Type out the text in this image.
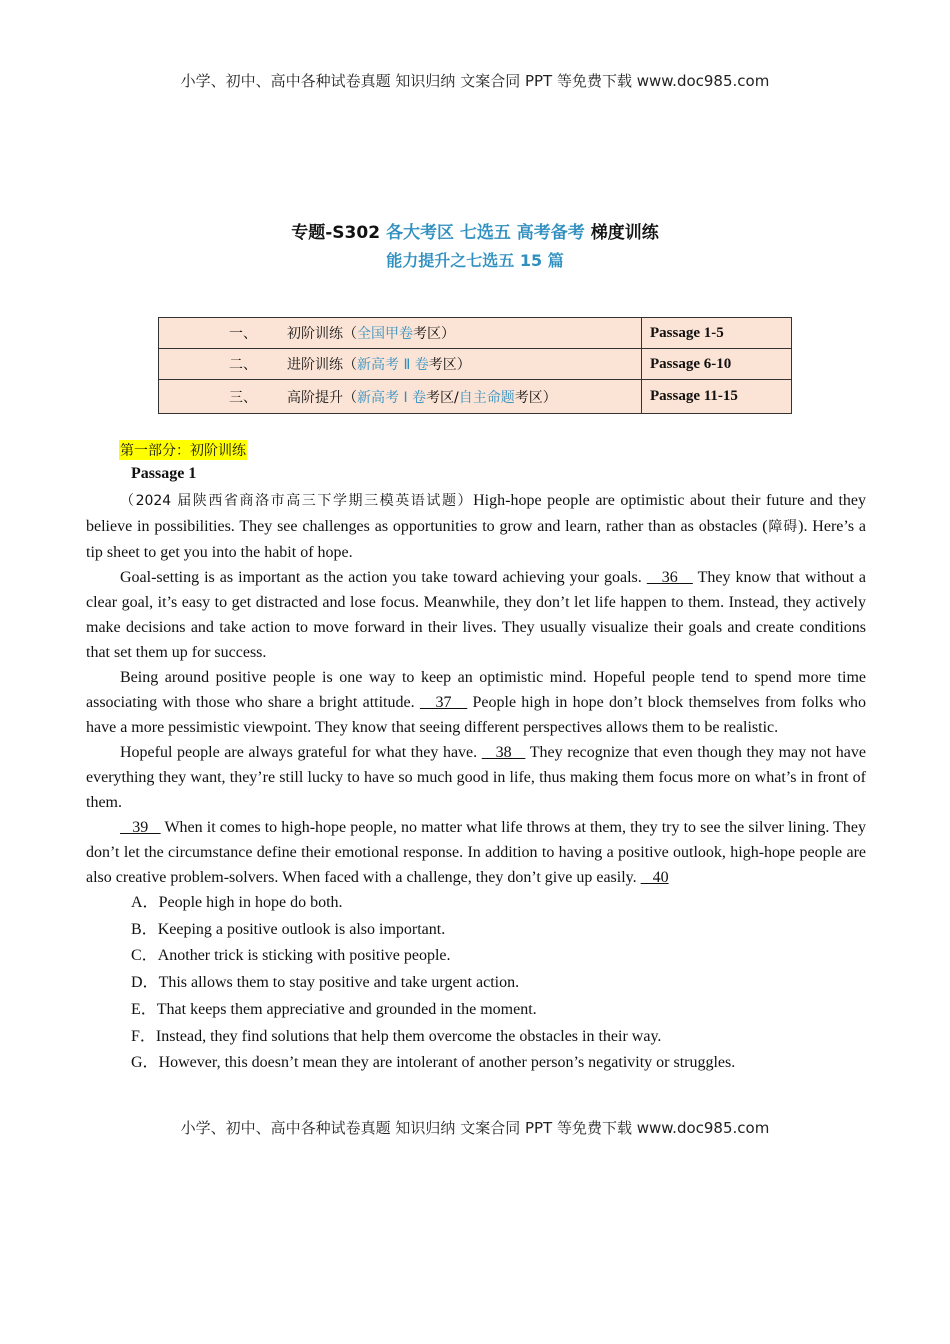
小学、初中、高中各种试卷真题 知识归纳 文案合同 PPT 等免费下载 www.doc985.com
专题-S302 各大考区 七选五 高考备考 梯度训练
能力提升之七选五 15 篇
一、 初阶训练（全国甲卷考区）	Passage 1-5
二、 进阶训练（新高考 Ⅱ 卷考区）	Passage 6-10
三、 高阶提升（新高考 Ⅰ 卷考区/自主命题考区）	Passage 11-15
第一部分：初阶训练
Passage 1

（2024 届陕西省商洛市高三下学期三模英语试题）High-hope people are optimistic about their future and they believe in possibilities. They see challenges as opportunities to grow and learn, rather than as obstacles (障碍). Here’s a tip sheet to get you into the habit of hope.

Goal-setting is as important as the action you take toward achieving your goals.    36    They know that without a clear goal, it’s easy to get distracted and lose focus. Meanwhile, they don’t let life happen to them. Instead, they actively make decisions and take action to move forward in their lives. They usually visualize their goals and create conditions that set them up for success.

Being around positive people is one way to keep an optimistic mind. Hopeful people tend to spend more time associating with those who share a bright attitude.    37    People high in hope don’t block themselves from folks who have a more pessimistic viewpoint. They know that seeing different perspectives allows them to be realistic.

Hopeful people are always grateful for what they have.    38    They recognize that even though they may not have everything they want, they’re still lucky to have so much good in life, thus making them focus more on what’s in front of them.

39    When it comes to high-hope people, no matter what life throws at them, they try to see the silver lining. They don’t let the circumstance define their emotional response. In addition to having a positive outlook, high-hope people are also creative problem-solvers. When faced with a challenge, they don’t give up easily.    40

A．People high in hope do both.
B．Keeping a positive outlook is also important.
C．Another trick is sticking with positive people.
D．This allows them to stay positive and take urgent action.
E．That keeps them appreciative and grounded in the moment.
F．Instead, they find solutions that help them overcome the obstacles in their way.
G．However, this doesn’t mean they are intolerant of another person’s negativity or struggles.
小学、初中、高中各种试卷真题 知识归纳 文案合同 PPT 等免费下载 www.doc985.com
